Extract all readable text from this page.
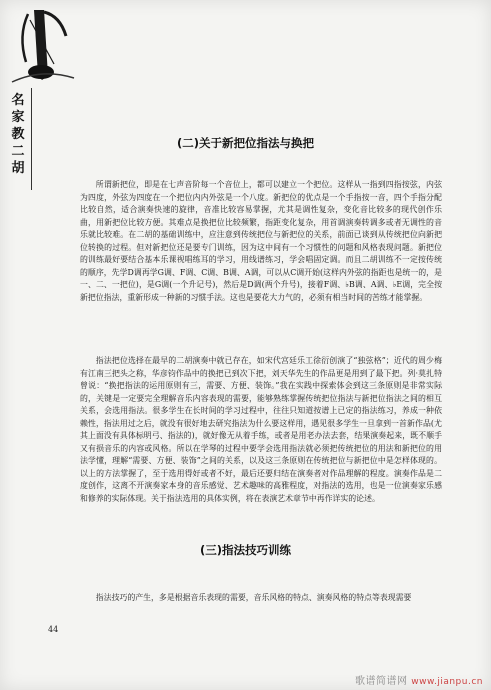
名
家
教
二
胡
(二)关于新把位指法与换把

所谓新把位，即是在七声音阶每一个音位上，都可以建立一个把位。这样从一指到四指按弦，内弦为四度，外弦为四度在一个把位内内外弦是一个八度。新把位的优点是一个手指按一音，四个手指分配比较自然，适合演奏快速的旋律，音准比较容易掌握，尤其是调性复杂，变化音比较多的现代创作乐曲，用新把位比较方便。其难点是换把位比较频繁，指距变化复杂，用首调演奏转调多或者无调性的音乐就比较难。在二胡的基础训练中，应注意到传统把位与新把位的关系，前面已谈到从传统把位向新把位转换的过程。但对新把位还是要专门训练，因为这中间有一个习惯性的问题和风格表现问题。新把位的训练最好要结合基本乐课视唱练耳的学习，用线谱练习，学会唱固定调。而且二胡训练不一定按传统的顺序，先学D调再学G调、F调、C调、B调、A调，可以从C调开始(这样内外弦的指距也是统一的，是一、二、一把位)，是G调(一个升记号)，然后是D调(两个升号)，接着F调、♭B调、A调、♭E调，完全按新把位指法，重新形成一种新的习惯手法。这也是要花大力气的，必须有相当时间的苦练才能掌握。

指法把位选择在最早的二胡演奏中就已存在，如宋代宫廷乐工徐衍创演了“独弦格”；近代的周少梅有江南三把头之称，华彦钧作品中的换把已到次下把，刘天华先生的作品更是用到了最下把。列·莫扎特曾说：“换把指法的运用原则有三，需要、方便、装饰。”我在实践中探索体会到这三条原则是非常实际的，关键是一定要完全理解音乐内容表现的需要，能够熟练掌握传统把位指法与新把位指法之间的相互关系，会选用指法。很多学生在长时间的学习过程中，往往只知道按谱上已定的指法练习，养成一种依赖性，指法用过之后，就没有很好地去研究指法为什么要这样用，遇见很多学生一旦拿到一首新作品(尤其上面没有具体标明弓、指法的)，就好像无从着手练，或者是用老办法去套，结果演奏起来，既不顺手又有损音乐的内容或风格。所以在学琴的过程中要学会选用指法就必须把传统把位的用法和新把位的用法学懂，理解“需要、方便、装饰”之间的关系，以及这三条原则在传统把位与新把位中是怎样体现的。以上的方法掌握了，至于选用得好或者不好，最后还要归结在演奏者对作品理解的程度。演奏作品是二度创作，这离不开演奏家本身的音乐感觉、艺术趣味的高雅程度，对指法的选用，也是一位演奏家乐感和修养的实际体现。关于指法选用的具体实例，将在表演艺术章节中再作详实的论述。

(三)指法技巧训练

指法技巧的产生，多是根据音乐表现的需要，音乐风格的特点、演奏风格的特点等表现需要

44
歌谱简谱网 www.jianpu.cn
